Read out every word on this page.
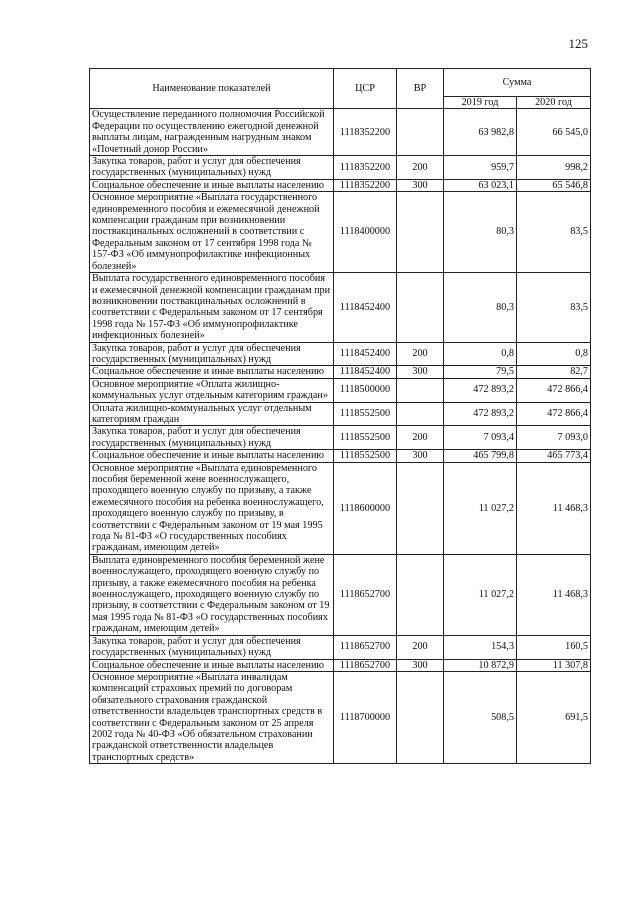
125
Наименование показателей	ЦСР	ВР	Сумма	
			2019 год	2020 год
Осуществление переданного полномочия Российской Федерации по осуществлению ежегодной денежной выплаты лицам, награжденным нагрудным знаком «Почетный донор России»	1118352200		63 982,8	66 545,0
Закупка товаров, работ и услуг для обеспечения государственных (муниципальных) нужд	1118352200	200	959,7	998,2
Социальное обеспечение и иные выплаты населению	1118352200	300	63 023,1	65 546,8
Основное мероприятие «Выплата государственного единовременного пособия и ежемесячной денежной компенсации гражданам при возникновении поствакцинальных осложнений в соответствии с Федеральным законом от 17 сентября 1998 года № 157-ФЗ «Об иммунопрофилактике инфекционных болезней»	1118400000		80,3	83,5
Выплата государственного единовременного пособия и ежемесячной денежной компенсации гражданам при возникновении поствакцинальных осложнений в соответствии с Федеральным законом от 17 сентября 1998 года № 157-ФЗ «Об иммунопрофилактике инфекционных болезней»	1118452400		80,3	83,5
Закупка товаров, работ и услуг для обеспечения государственных (муниципальных) нужд	1118452400	200	0,8	0,8
Социальное обеспечение и иные выплаты населению	1118452400	300	79,5	82,7
Основное мероприятие «Оплата жилищно-коммунальных услуг отдельным категориям граждан»	1118500000		472 893,2	472 866,4
Оплата жилищно-коммунальных услуг отдельным категориям граждан	1118552500		472 893,2	472 866,4
Закупка товаров, работ и услуг для обеспечения государственных (муниципальных) нужд	1118552500	200	7 093,4	7 093,0
Социальное обеспечение и иные выплаты населению	1118552500	300	465 799,8	465 773,4
Основное мероприятие «Выплата единовременного пособия беременной жене военнослужащего, проходящего военную службу по призыву, а также ежемесячного пособия на ребенка военнослужащего, проходящего военную службу по призыву, в соответствии с Федеральным законом от 19 мая 1995 года № 81-ФЗ «О государственных пособиях гражданам, имеющим детей»	1118600000		11 027,2	11 468,3
Выплата единовременного пособия беременной жене военнослужащего, проходящего военную службу по призыву, а также ежемесячного пособия на ребенка военнослужащего, проходящего военную службу по призыву, в соответствии с Федеральным законом от 19 мая 1995 года № 81-ФЗ «О государственных пособиях гражданам, имеющим детей»	1118652700		11 027,2	11 468,3
Закупка товаров, работ и услуг для обеспечения государственных (муниципальных) нужд	1118652700	200	154,3	160,5
Социальное обеспечение и иные выплаты населению	1118652700	300	10 872,9	11 307,8
Основное мероприятие «Выплата инвалидам компенсаций страховых премий по договорам обязательного страхования гражданской ответственности владельцев транспортных средств в соответствии с Федеральным законом от 25 апреля 2002 года № 40-ФЗ «Об обязательном страховании гражданской ответственности владельцев транспортных средств»	1118700000		508,5	691,5
